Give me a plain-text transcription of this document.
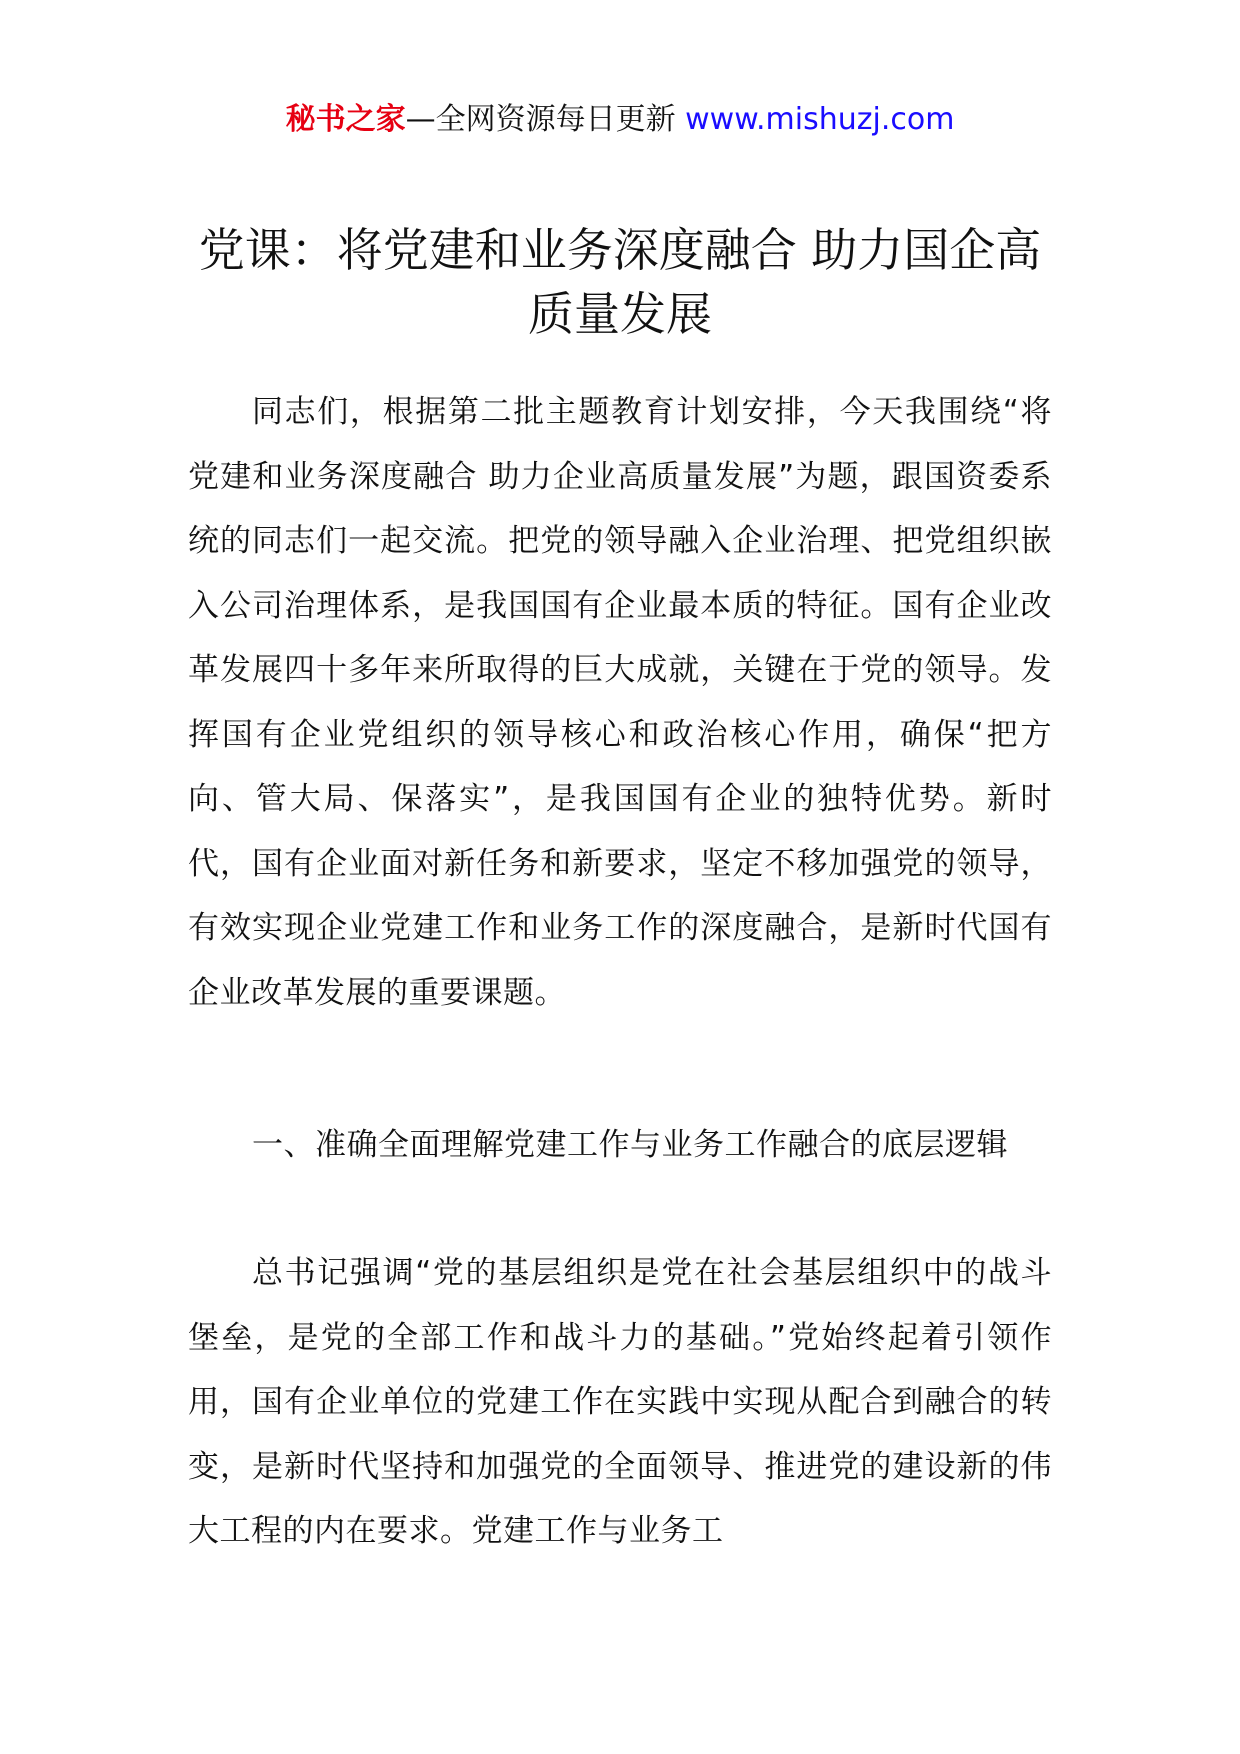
秘书之家—全网资源每日更新 www.mishuzj.com
党课：将党建和业务深度融合 助力国企高
质量发展

同志们，根据第二批主题教育计划安排，今天我围绕“将党建和业务深度融合 助力企业高质量发展”为题，跟国资委系统的同志们一起交流。把党的领导融入企业治理、把党组织嵌入公司治理体系，是我国国有企业最本质的特征。国有企业改革发展四十多年来所取得的巨大成就，关键在于党的领导。发挥国有企业党组织的领导核心和政治核心作用，确保“把方向、管大局、保落实”，是我国国有企业的独特优势。新时代，国有企业面对新任务和新要求，坚定不移加强党的领导，有效实现企业党建工作和业务工作的深度融合，是新时代国有企业改革发展的重要课题。

一、准确全面理解党建工作与业务工作融合的底层逻辑

总书记强调“党的基层组织是党在社会基层组织中的战斗堡垒，是党的全部工作和战斗力的基础。”党始终起着引领作用，国有企业单位的党建工作在实践中实现从配合到融合的转变，是新时代坚持和加强党的全面领导、推进党的建设新的伟大工程的内在要求。党建工作与业务工
